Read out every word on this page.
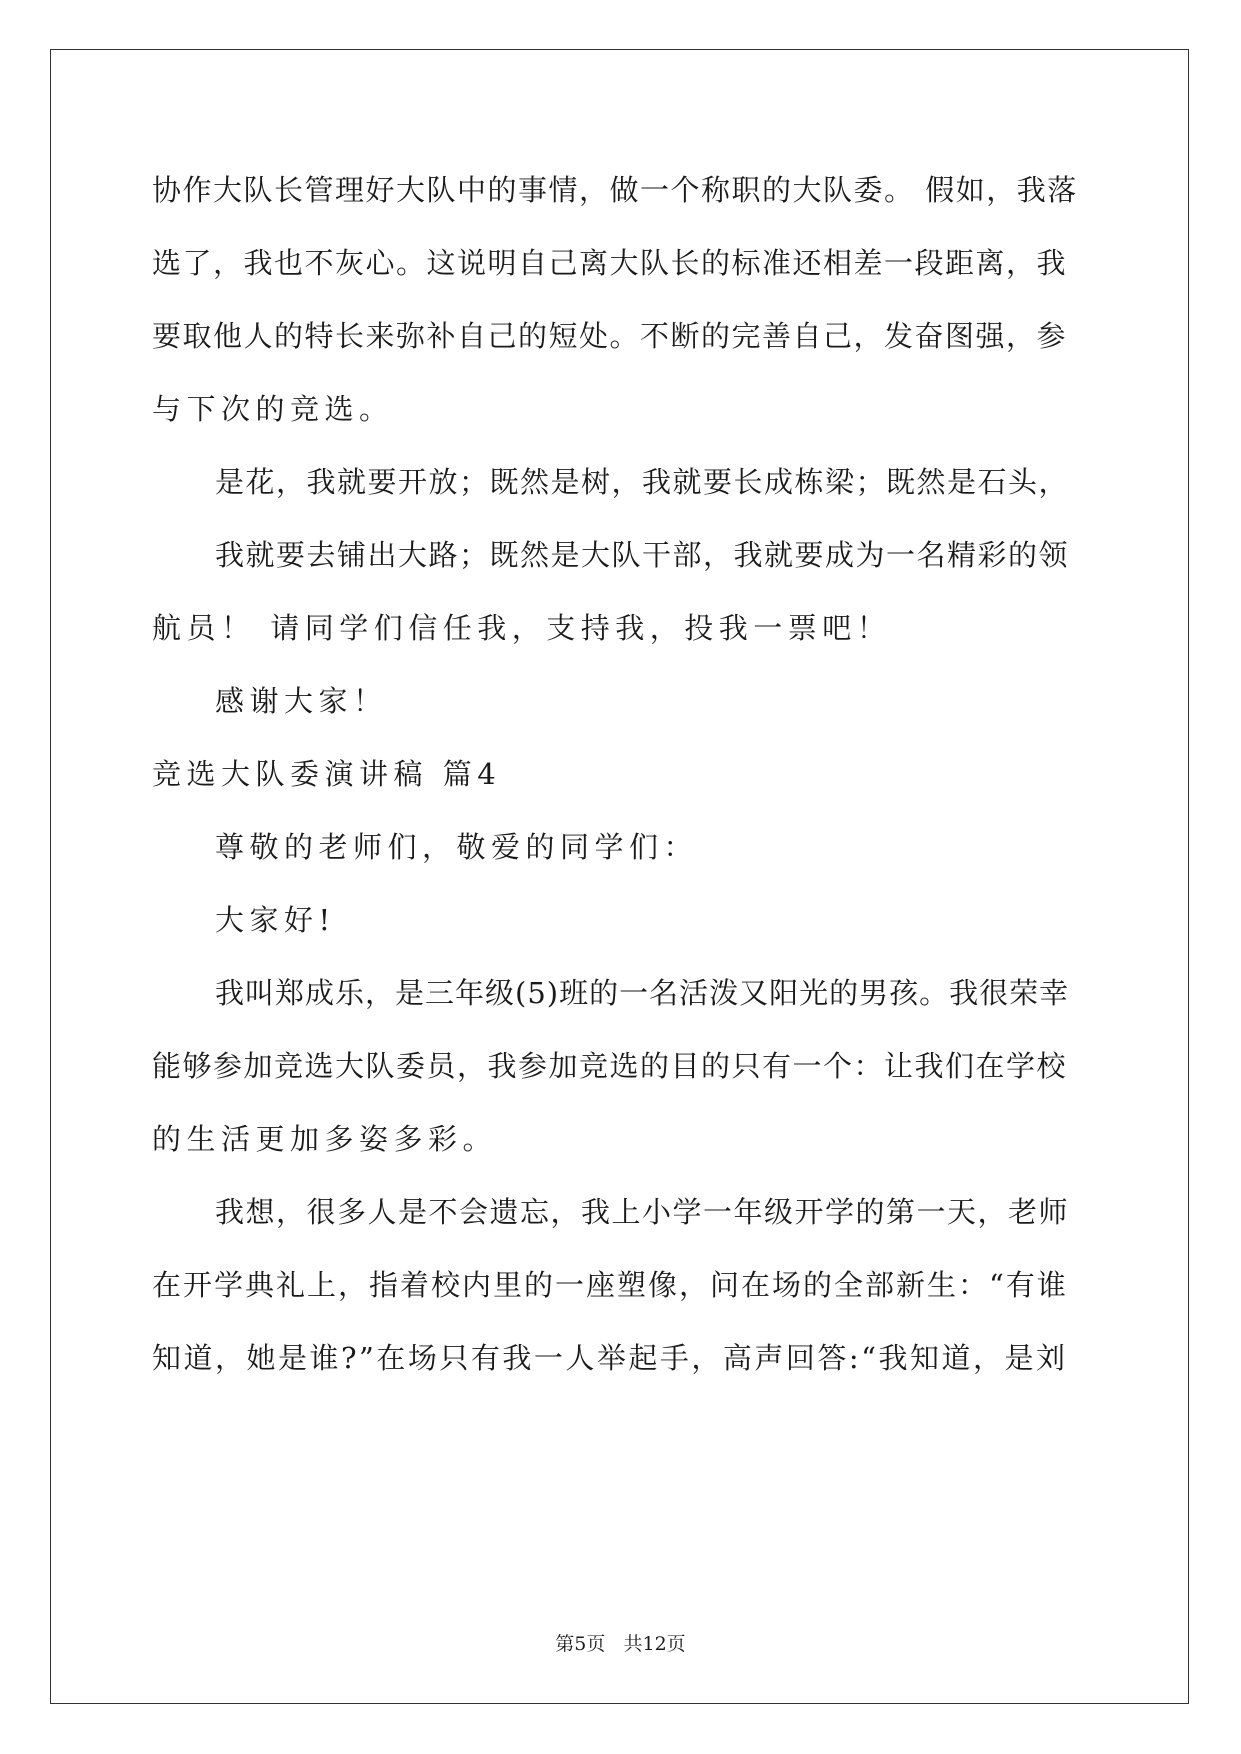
协作大队长管理好大队中的事情，做一个称职的大队委。 假如，我落

选了，我也不灰心。这说明自己离大队长的标准还相差一段距离，我

要取他人的特长来弥补自己的短处。不断的完善自己，发奋图强，参

与下次的竞选。

是花，我就要开放；既然是树，我就要长成栋梁；既然是石头，

我就要去铺出大路；既然是大队干部，我就要成为一名精彩的领

航员！ 请同学们信任我，支持我，投我一票吧！

感谢大家！

竞选大队委演讲稿 篇4

尊敬的老师们，敬爱的同学们：

大家好!

我叫郑成乐，是三年级(5)班的一名活泼又阳光的男孩。我很荣幸

能够参加竞选大队委员，我参加竞选的目的只有一个：让我们在学校

的生活更加多姿多彩。

我想，很多人是不会遗忘，我上小学一年级开学的第一天，老师

在开学典礼上，指着校内里的一座塑像，问在场的全部新生：“有谁

知道，她是谁?”在场只有我一人举起手，高声回答:“我知道，是刘

第5页   共12页
